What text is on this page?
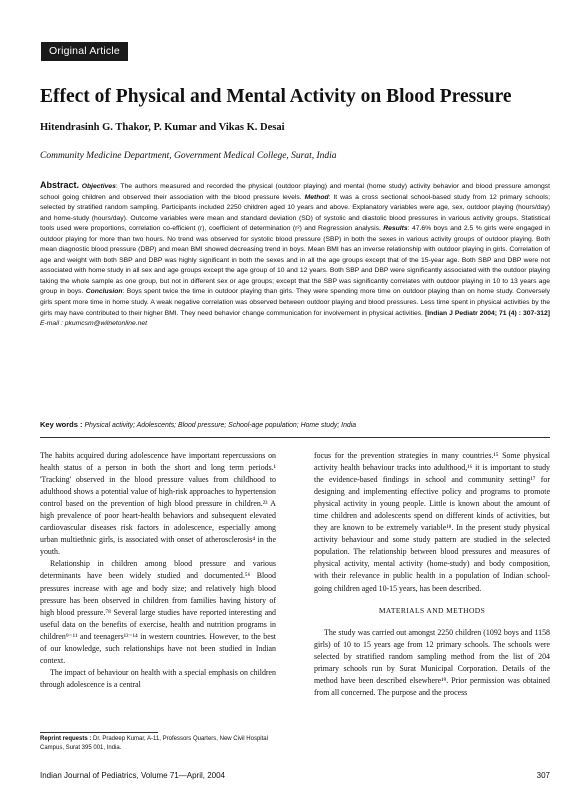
Original Article
Effect of Physical and Mental Activity on Blood Pressure

Hitendrasinh G. Thakor, P. Kumar and Vikas K. Desai

Community Medicine Department, Government Medical College, Surat, India

Abstract. Objectives: The authors measured and recorded the physical (outdoor playing) and mental (home study) activity behavior and blood pressure amongst school going children and observed their association with the blood pressure levels. Method: It was a cross sectional school-based study from 12 primary schools; selected by stratified random sampling. Participants included 2250 children aged 10 years and above. Explanatory variables were age, sex, outdoor playing (hours/day) and home-study (hours/day). Outcome variables were mean and standard deviation (SD) of systolic and diastolic blood pressures in various activity groups. Statistical tools used were proportions, correlation co-efficient (r), coefficient of determination (r²) and Regression analysis. Results: 47.6% boys and 2.5 % girls were engaged in outdoor playing for more than two hours. No trend was observed for systolic blood pressure (SBP) in both the sexes in various activity groups of outdoor playing. Both mean diagnostic blood pressure (DBP) and mean BMI showed decreasing trend in boys. Mean BMI has an inverse relationship with outdoor playing in girls. Correlation of age and weight with both SBP and DBP was highly significant in both the sexes and in all the age groups except that of the 15-year age. Both SBP and DBP were not associated with home study in all sex and age groups except the age group of 10 and 12 years. Both SBP and DBP were significantly associated with the outdoor playing taking the whole sample as one group, but not in different sex or age groups; except that the SBP was significantly correlates with outdoor playing in 10 to 13 years age group in boys. Conclusion: Boys spent twice the time in outdoor playing than girls. They were spending more time on outdoor playing than on home study. Conversely girls spent more time in home study. A weak negative correlation was observed between outdoor playing and blood pressures. Less time spent in physical activities by the girls may have contributed to their higher BMI. They need behavior change communication for involvement in physical activities. [Indian J Pediatr 2004; 71 (4) : 307-312] E-mail : pkumcsm@wilnetonline.net

Key words : Physical activity; Adolescents; Blood pressure; School-age population; Home study; India

The habits acquired during adolescence have important repercussions on health status of a person in both the short and long term periods.¹ 'Tracking' observed in the blood pressure values from childhood to adulthood shows a potential value of high-risk approaches to hypertension control based on the prevention of high blood pressure in children.²³ A high prevalence of poor heart-health behaviors and subsequent elevated cardiovascular diseases risk factors in adolescence, especially among urban multiethnic girls, is associated with onset of atherosclerosis⁴ in the youth.

Relationship in children among blood pressure and various determinants have been widely studied and documented.⁵⁶ Blood pressures increase with age and body size; and relatively high blood pressure has been observed in children from families having history of high blood pressure.⁷⁸ Several large studies have reported interesting and useful data on the benefits of exercise, health and nutrition programs in children⁹⁻¹¹ and teenagers¹²⁻¹⁴ in western countries. However, to the best of our knowledge, such relationships have not been studied in Indian context.

The impact of behaviour on health with a special emphasis on children through adolescence is a central

focus for the prevention strategies in many countries.¹⁵ Some physical activity health behaviour tracks into adulthood,¹⁶ it is important to study the evidence-based findings in school and community setting¹⁷ for designing and implementing effective policy and programs to promote physical activity in young people. Little is known about the amount of time children and adolescents spend on different kinds of activities, but they are known to be extremely variable¹⁸. In the present study physical activity behaviour and some study pattern are studied in the selected population. The relationship between blood pressures and measures of physical activity, mental activity (home-study) and body composition, with their relevance in public health in a population of Indian school-going children aged 10-15 years, has been described.

MATERIALS AND METHODS

The study was carried out amongst 2250 children (1092 boys and 1158 girls) of 10 to 15 years age from 12 primary schools. The schools were selected by stratified random sampling method from the list of 204 primary schools run by Surat Municipal Corporation. Details of the method have been described elsewhere¹⁹. Prior permission was obtained from all concerned. The purpose and the process

Reprint requests : Dr. Pradeep Kumar, A-11, Professors Quarters, New Civil Hospital Campus, Surat 395 001, India.

Indian Journal of Pediatrics, Volume 71—April, 2004	307
